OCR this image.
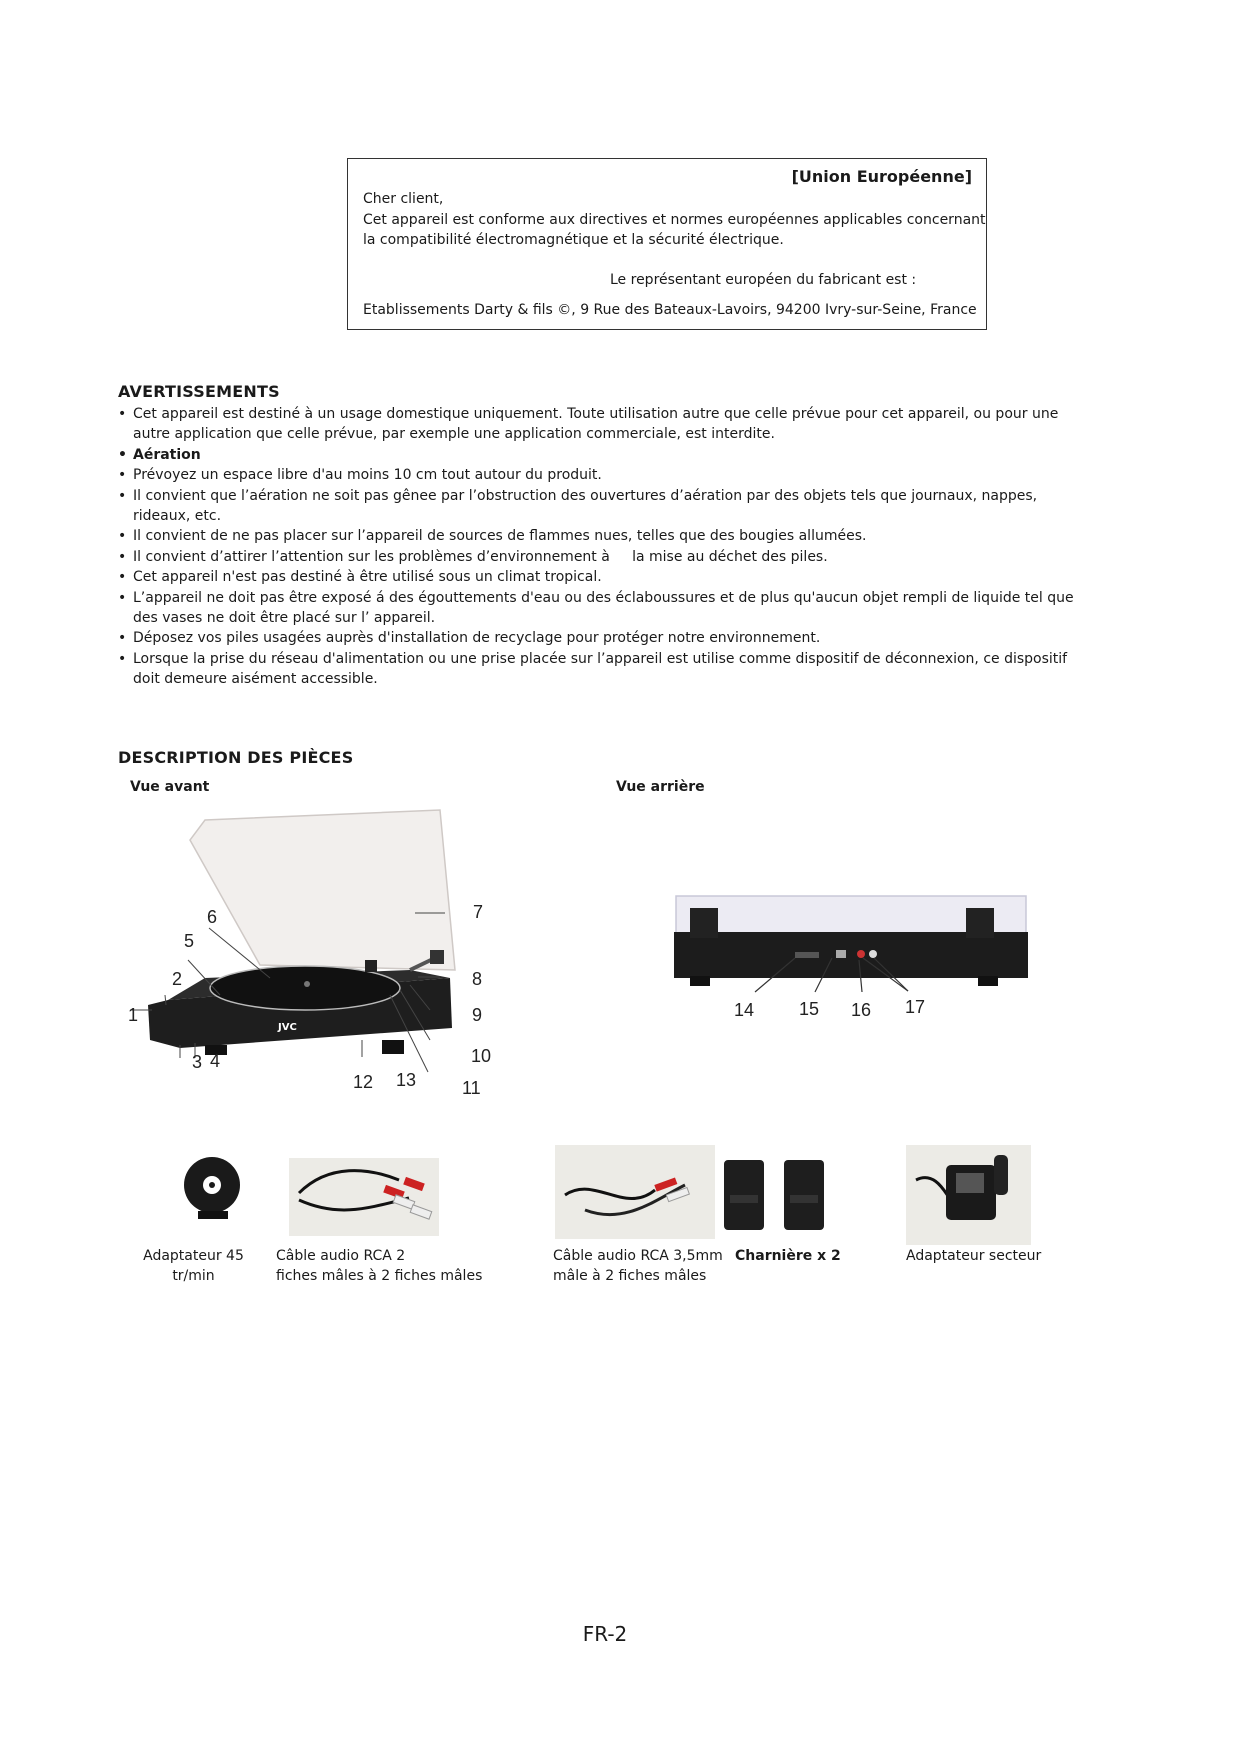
[Union Européenne]
Cher client,
Cet appareil est conforme aux directives et normes européennes applicables concernant
la compatibilité électromagnétique et la sécurité électrique.
Le représentant européen du fabricant est :
Etablissements Darty & fils ©, 9 Rue des Bateaux-Lavoirs, 94200 Ivry-sur-Seine, France
AVERTISSEMENTS
• Cet appareil est destiné à un usage domestique uniquement. Toute utilisation autre que celle prévue pour cet appareil, ou pour une autre application que celle prévue, par exemple une application commerciale, est interdite.
• Aération
• Prévoyez un espace libre d'au moins 10 cm tout autour du produit.
• Il convient que l’aération ne soit pas gênee par l’obstruction des ouvertures d’aération par des objets tels que journaux, nappes, rideaux, etc.
• Il convient de ne pas placer sur l’appareil de sources de flammes nues, telles que des bougies allumées.
• Il convient d’attirer l’attention sur les problèmes d’environnement à     la mise au déchet des piles.
• Cet appareil n'est pas destiné à être utilisé sous un climat tropical.
• L’appareil ne doit pas être exposé á des égouttements d'eau ou des éclaboussures et de plus qu'aucun objet rempli de liquide tel que des vases ne doit être placé sur l’ appareil.
• Déposez vos piles usagées auprès d'installation de recyclage pour protéger notre environnement.
• Lorsque la prise du réseau d'alimentation ou une prise placée sur l’appareil est utilise comme dispositif de déconnexion, ce dispositif doit demeure aisément accessible.
DESCRIPTION DES PIÈCES
Vue avant	Vue arrière
JVC
1
2
3 4
5
6	7
8
9
10
11
12 13
14 15 16 17
Adaptateur 45
tr/min
Câble audio RCA 2
fiches mâles à 2 fiches mâles
Câble audio RCA 3,5mm
mâle à 2 fiches mâles
Charnière x 2	Adaptateur secteur
FR-2
